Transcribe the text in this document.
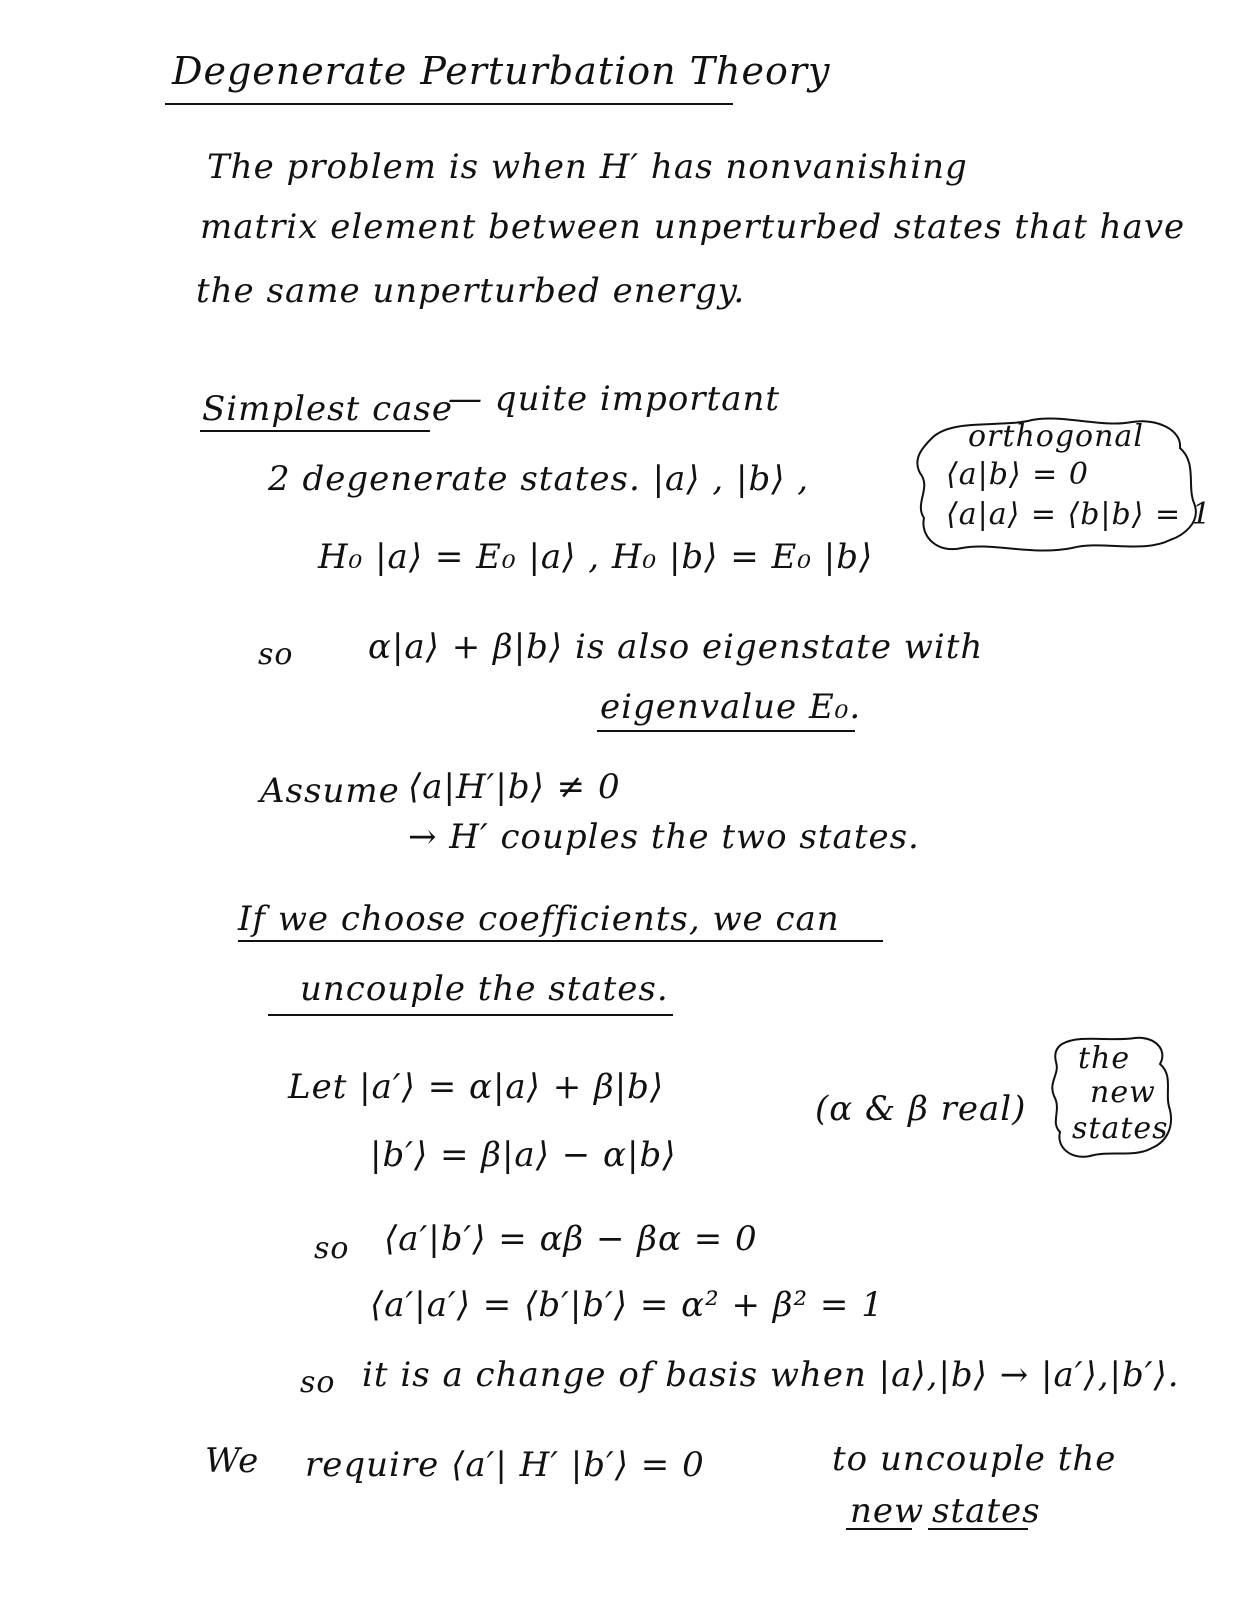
Degenerate Perturbation Theory
The problem is when H′ has nonvanishing
matrix element between unperturbed states that have
the same unperturbed energy.
Simplest case
— quite important
2 degenerate states. |a⟩ , |b⟩ ,
H₀ |a⟩ = E₀ |a⟩ , H₀ |b⟩ = E₀ |b⟩
orthogonal
⟨a|b⟩ = 0
⟨a|a⟩ = ⟨b|b⟩ = 1
so α|a⟩ + β|b⟩ is also eigenstate with
eigenvalue E₀.
Assume ⟨a|H′|b⟩ ≠ 0
→ H′ couples the two states.
If we choose coefficients, we can
uncouple the states.
Let |a′⟩ = α|a⟩ + β|b⟩
|b′⟩ = β|a⟩ − α|b⟩
(α & β real)
the
new
states
so ⟨a′|b′⟩ = αβ − βα = 0
⟨a′|a′⟩ = ⟨b′|b′⟩ = α² + β² = 1
so it is a change of basis when |a⟩,|b⟩ → |a′⟩,|b′⟩.
We require ⟨a′| H′ |b′⟩ = 0	to uncouple the
new states
